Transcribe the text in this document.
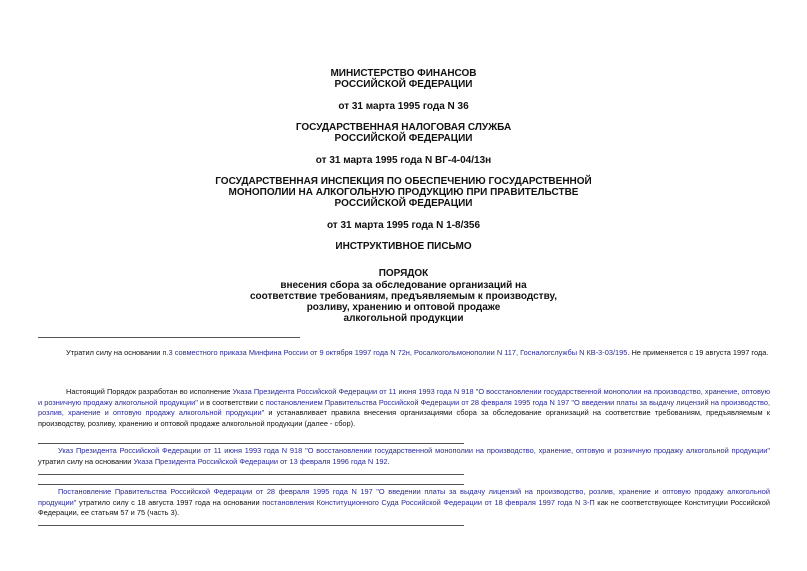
МИНИСТЕРСТВО ФИНАНСОВ
РОССИЙСКОЙ ФЕДЕРАЦИИ
от 31 марта 1995 года N 36
ГОСУДАРСТВЕННАЯ НАЛОГОВАЯ СЛУЖБА
РОССИЙСКОЙ ФЕДЕРАЦИИ
от 31 марта 1995 года N ВГ-4-04/13н
ГОСУДАРСТВЕННАЯ ИНСПЕКЦИЯ ПО ОБЕСПЕЧЕНИЮ ГОСУДАРСТВЕННОЙ
МОНОПОЛИИ НА АЛКОГОЛЬНУЮ ПРОДУКЦИЮ ПРИ ПРАВИТЕЛЬСТВЕ
РОССИЙСКОЙ ФЕДЕРАЦИИ
от 31 марта 1995 года N 1-8/356
ИНСТРУКТИВНОЕ ПИСЬМО
ПОРЯДОК
внесения сбора за обследование организаций на
соответствие требованиям, предъявляемым к производству,
розливу, хранению и оптовой продаже
алкогольной продукции
Утратил силу на основании п.3 совместного приказа Минфина России от 9 октября 1997 года N 72н, Росалкогольмонополии N 117, Госналогслужбы N КВ-3-03/195. Не применяется с 19 августа 1997 года.
Настоящий Порядок разработан во исполнение Указа Президента Российской Федерации от 11 июня 1993 года N 918 "О восстановлении государственной монополии на производство, хранение, оптовую и розничную продажу алкогольной продукции" и в соответствии с постановлением Правительства Российской Федерации от 28 февраля 1995 года N 197 "О введении платы за выдачу лицензий на производство, розлив, хранение и оптовую продажу алкогольной продукции" и устанавливает правила внесения организациями сбора за обследование организаций на соответствие требованиям, предъявляемым к производству, розливу, хранению и оптовой продаже алкогольной продукции (далее - сбор).
Указ Президента Российской Федерации от 11 июня 1993 года N 918 "О восстановлении государственной монополии на производство, хранение, оптовую и розничную продажу алкогольной продукции" утратил силу на основании Указа Президента Российской Федерации от 13 февраля 1996 года N 192.
Постановление Правительства Российской Федерации от 28 февраля 1995 года N 197 "О введении платы за выдачу лицензий на производство, розлив, хранение и оптовую продажу алкогольной продукции" утратило силу с 18 августа 1997 года на основании постановления Конституционного Суда Российской Федерации от 18 февраля 1997 года N 3-П как не соответствующее Конституции Российской Федерации, ее статьям 57 и 75 (часть 3).
